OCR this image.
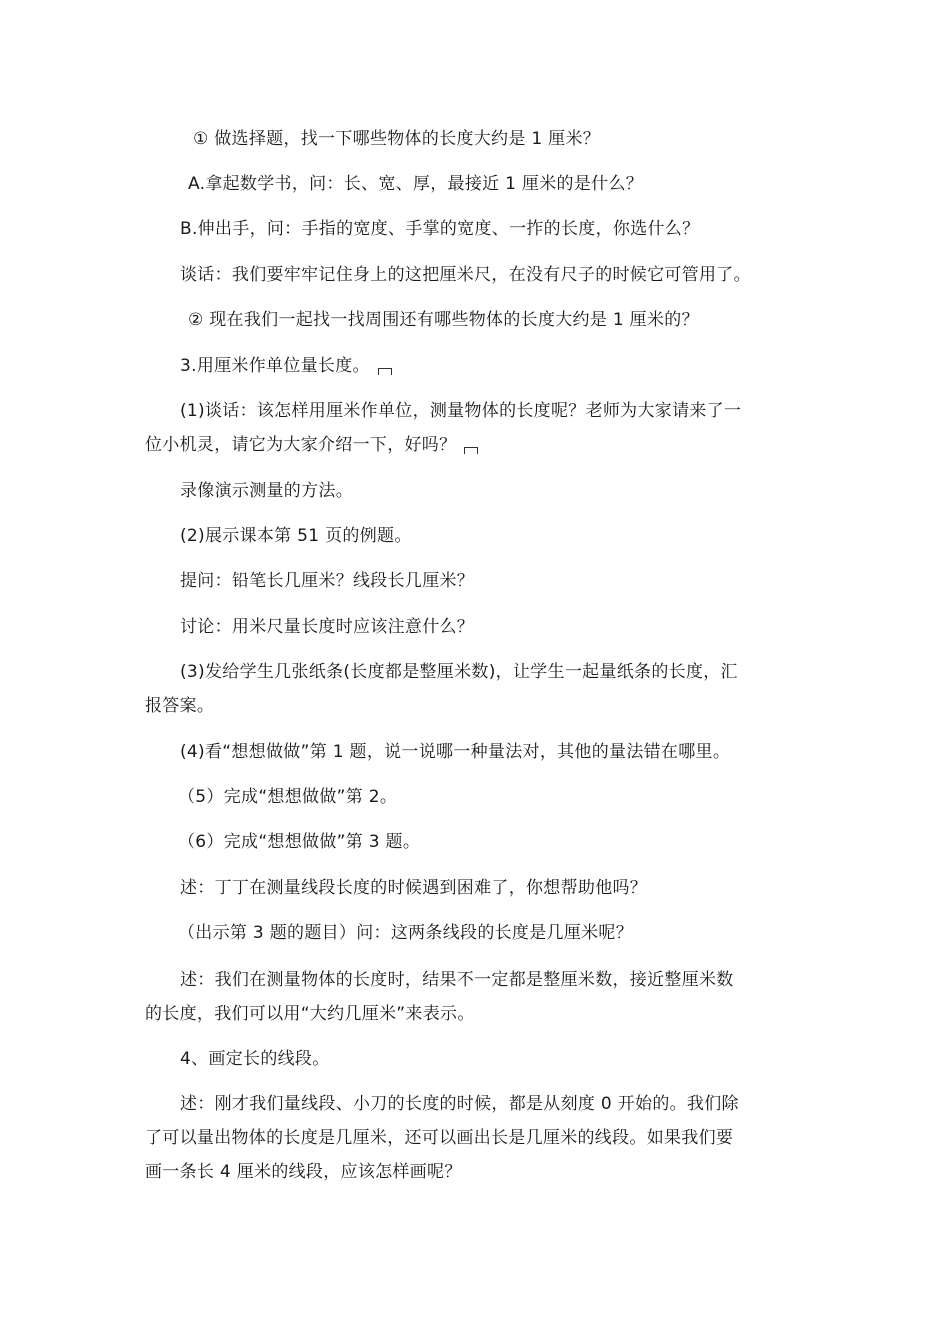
① 做选择题，找一下哪些物体的长度大约是 1 厘米？
A.拿起数学书，问：长、宽、厚，最接近 1 厘米的是什么？
B.伸出手，问：手指的宽度、手掌的宽度、一拃的长度，你选什么？
谈话：我们要牢牢记住身上的这把厘米尺，在没有尺子的时候它可管用了。
② 现在我们一起找一找周围还有哪些物体的长度大约是 1 厘米的？
3.用厘米作单位量长度。
(1)谈话：该怎样用厘米作单位，测量物体的长度呢？老师为大家请来了一
位小机灵，请它为大家介绍一下，好吗？
录像演示测量的方法。
(2)展示课本第 51 页的例题。
提问：铅笔长几厘米？线段长几厘米？
讨论：用米尺量长度时应该注意什么？
(3)发给学生几张纸条(长度都是整厘米数)，让学生一起量纸条的长度，汇
报答案。
(4)看“想想做做”第 1 题，说一说哪一种量法对，其他的量法错在哪里。
（5）完成“想想做做”第 2。
（6）完成“想想做做”第 3 题。
述：丁丁在测量线段长度的时候遇到困难了，你想帮助他吗？
（出示第 3 题的题目）问：这两条线段的长度是几厘米呢？
述：我们在测量物体的长度时，结果不一定都是整厘米数，接近整厘米数
的长度，我们可以用“大约几厘米”来表示。
4、画定长的线段。
述：刚才我们量线段、小刀的长度的时候，都是从刻度 0 开始的。我们除
了可以量出物体的长度是几厘米，还可以画出长是几厘米的线段。如果我们要
画一条长 4 厘米的线段，应该怎样画呢？
